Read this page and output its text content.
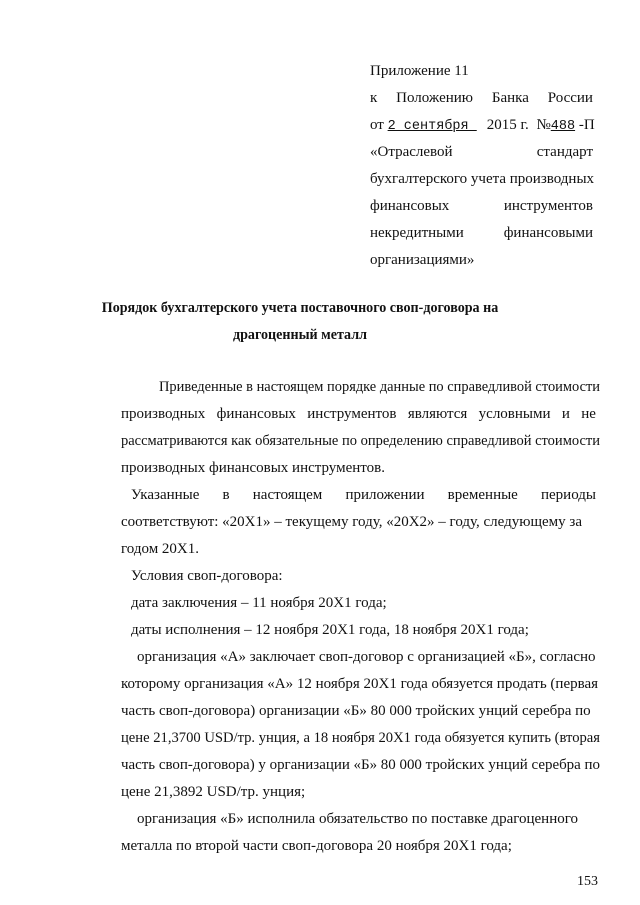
Приложение 11
к Положению Банка России
от 2 сентября 2015 г. №488 -П
«Отраслевой	стандарт
бухгалтерского учета производных
финансовых	инструментов
некредитными	финансовыми
организациями»
Порядок бухгалтерского учета поставочного своп-договора на
драгоценный металл
Приведенные в настоящем порядке данные по справедливой стоимости
производных финансовых инструментов являются условными и не
рассматриваются как обязательные по определению справедливой стоимости
производных финансовых инструментов.
Указанные в настоящем приложении временные периоды
соответствуют: «20Х1» – текущему году, «20Х2» – году, следующему за
годом 20Х1.
Условия своп-договора:
дата заключения – 11 ноября 20Х1 года;
даты исполнения – 12 ноября 20Х1 года, 18 ноября 20Х1 года;
организация «А» заключает своп-договор с организацией «Б», согласно
которому организация «А» 12 ноября 20Х1 года обязуется продать (первая
часть своп-договора) организации «Б» 80 000 тройских унций серебра по
цене 21,3700 USD/тр. унция, а 18 ноября 20Х1 года обязуется купить (вторая
часть своп-договора) у организации «Б» 80 000 тройских унций серебра по
цене 21,3892 USD/тр. унция;
организация «Б» исполнила обязательство по поставке драгоценного
металла по второй части своп-договора 20 ноября 20Х1 года;
153
